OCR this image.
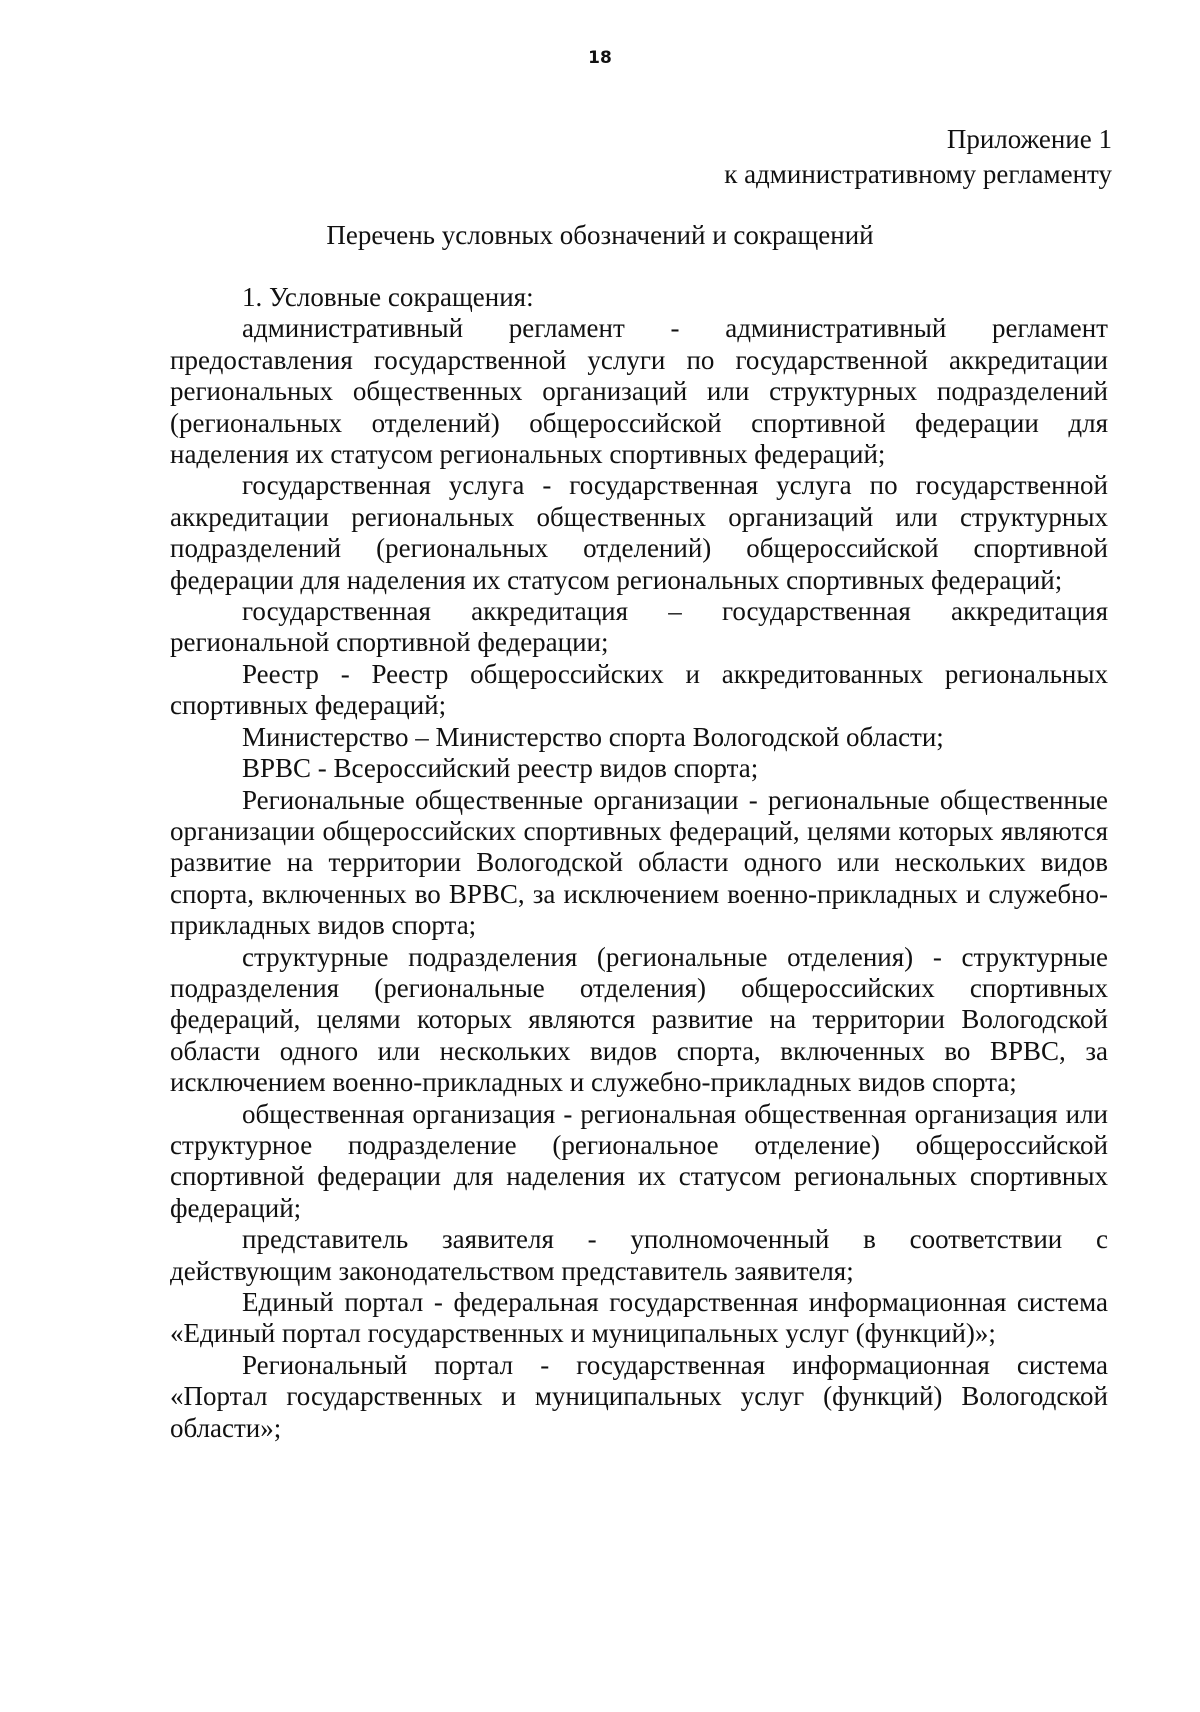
18
Приложение 1
к административному регламенту
Перечень условных обозначений и сокращений

1. Условные сокращения:

административный регламент - административный регламент предоставления государственной услуги по государственной аккредитации региональных общественных организаций или структурных подразделений (региональных отделений) общероссийской спортивной федерации для наделения их статусом региональных спортивных федераций;

государственная услуга - государственная услуга по государственной аккредитации региональных общественных организаций или структурных подразделений (региональных отделений) общероссийской спортивной федерации для наделения их статусом региональных спортивных федераций;

государственная аккредитация – государственная аккредитация региональной спортивной федерации;

Реестр - Реестр общероссийских и аккредитованных региональных спортивных федераций;

Министерство – Министерство спорта Вологодской области;

ВРВС - Всероссийский реестр видов спорта;

Региональные общественные организации - региональные общественные организации общероссийских спортивных федераций, целями которых являются развитие на территории Вологодской области одного или нескольких видов спорта, включенных во ВРВС, за исключением военно-прикладных и служебно-прикладных видов спорта;

структурные подразделения (региональные отделения) - структурные подразделения (региональные отделения) общероссийских спортивных федераций, целями которых являются развитие на территории Вологодской области одного или нескольких видов спорта, включенных во ВРВС, за исключением военно-прикладных и служебно-прикладных видов спорта;

общественная организация - региональная общественная организация или структурное подразделение (региональное отделение) общероссийской спортивной федерации для наделения их статусом региональных спортивных федераций;

представитель заявителя - уполномоченный в соответствии с действующим законодательством представитель заявителя;

Единый портал - федеральная государственная информационная система «Единый портал государственных и муниципальных услуг (функций)»;

Региональный портал - государственная информационная система «Портал государственных и муниципальных услуг (функций) Вологодской области»;
